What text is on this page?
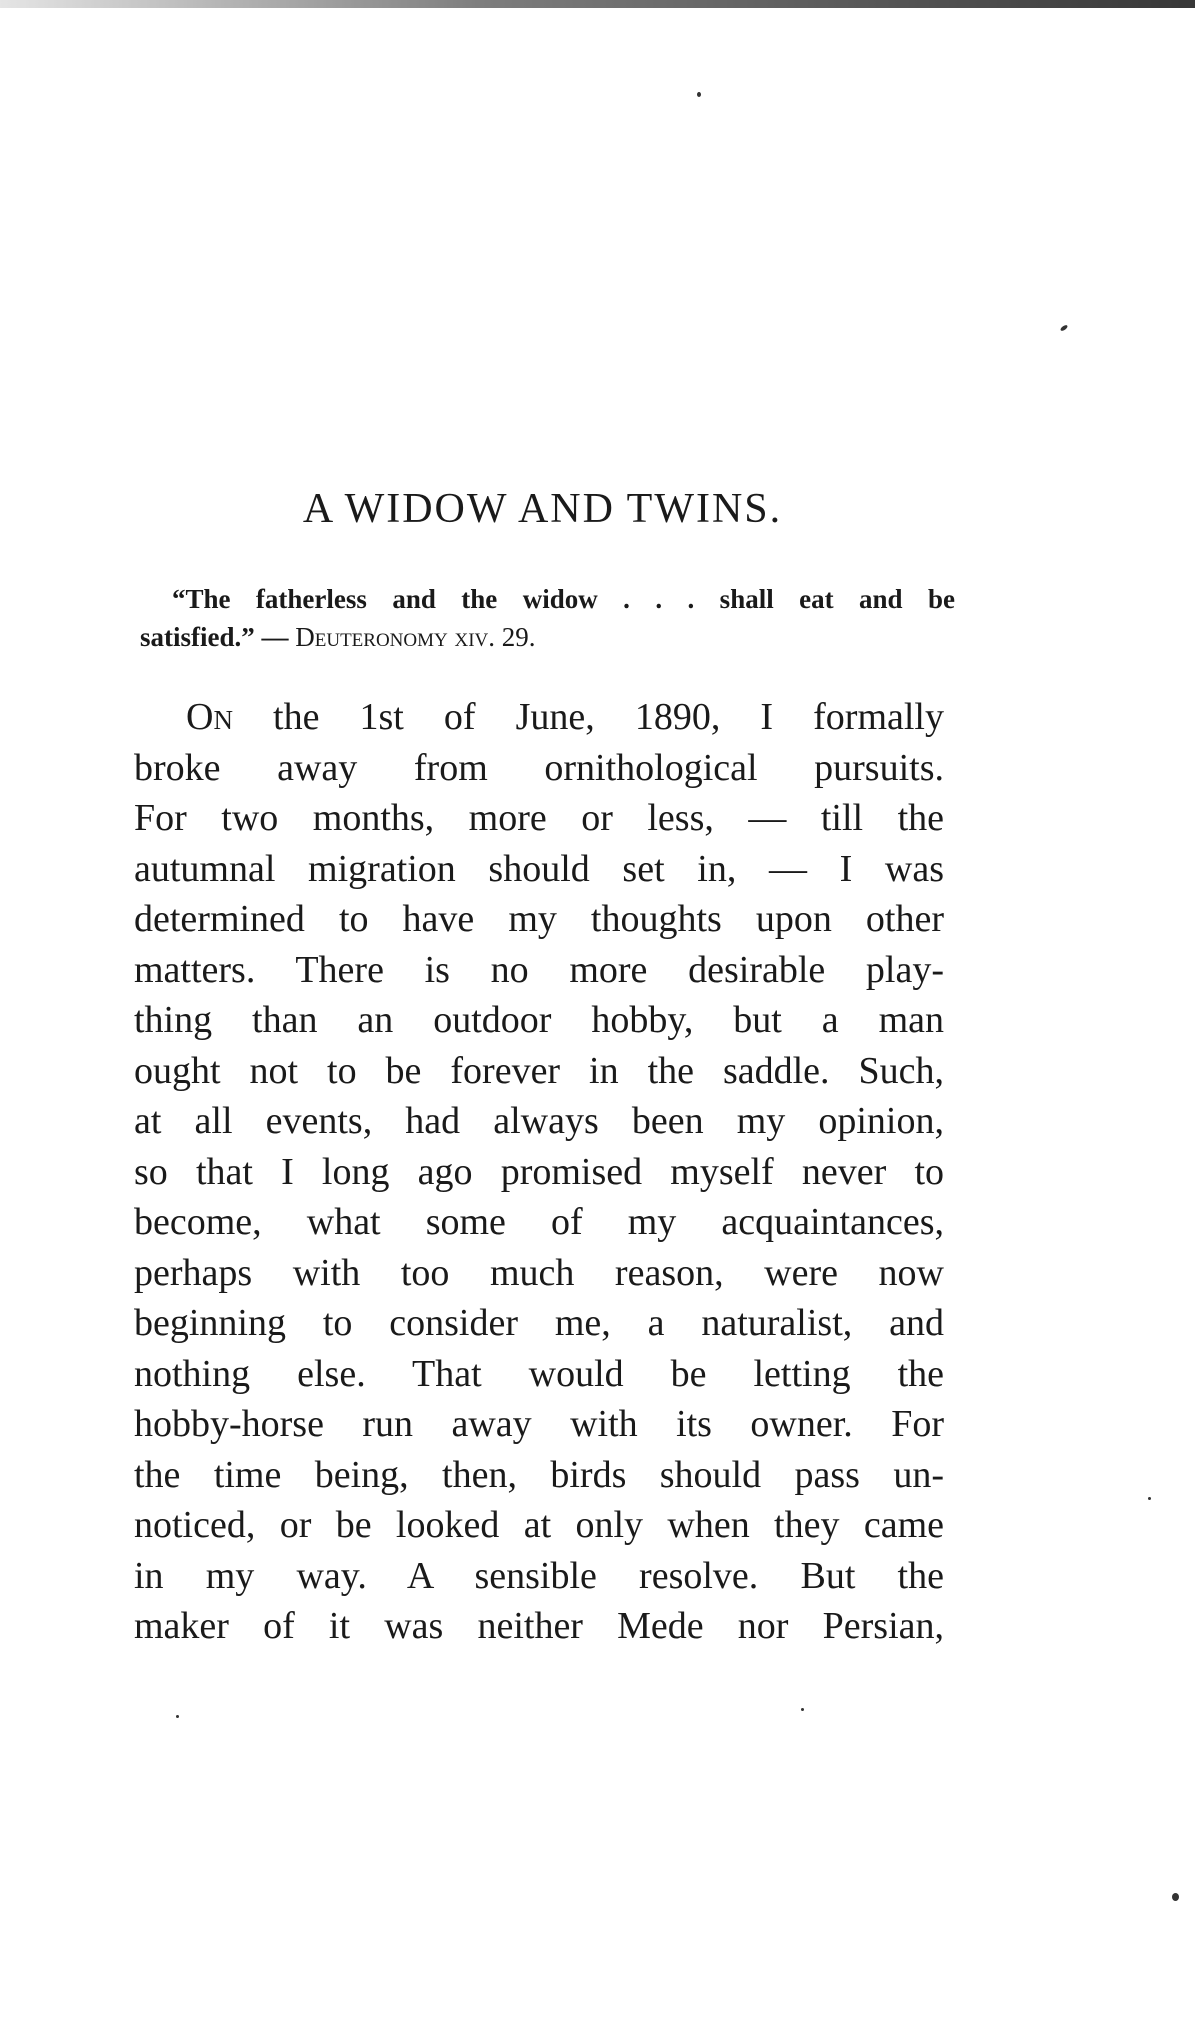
A WIDOW AND TWINS.
“The fatherless and the widow . . . shall eat and be
satisfied.” — Deuteronomy xiv. 29.
On the 1st of June, 1890, I formally
broke away from ornithological pursuits.
For two months, more or less, — till the
autumnal migration should set in, — I was
determined to have my thoughts upon other
matters. There is no more desirable play-
thing than an outdoor hobby, but a man
ought not to be forever in the saddle. Such,
at all events, had always been my opinion,
so that I long ago promised myself never to
become, what some of my acquaintances,
perhaps with too much reason, were now
beginning to consider me, a naturalist, and
nothing else. That would be letting the
hobby-horse run away with its owner. For
the time being, then, birds should pass un-
noticed, or be looked at only when they came
in my way. A sensible resolve. But the
maker of it was neither Mede nor Persian,
